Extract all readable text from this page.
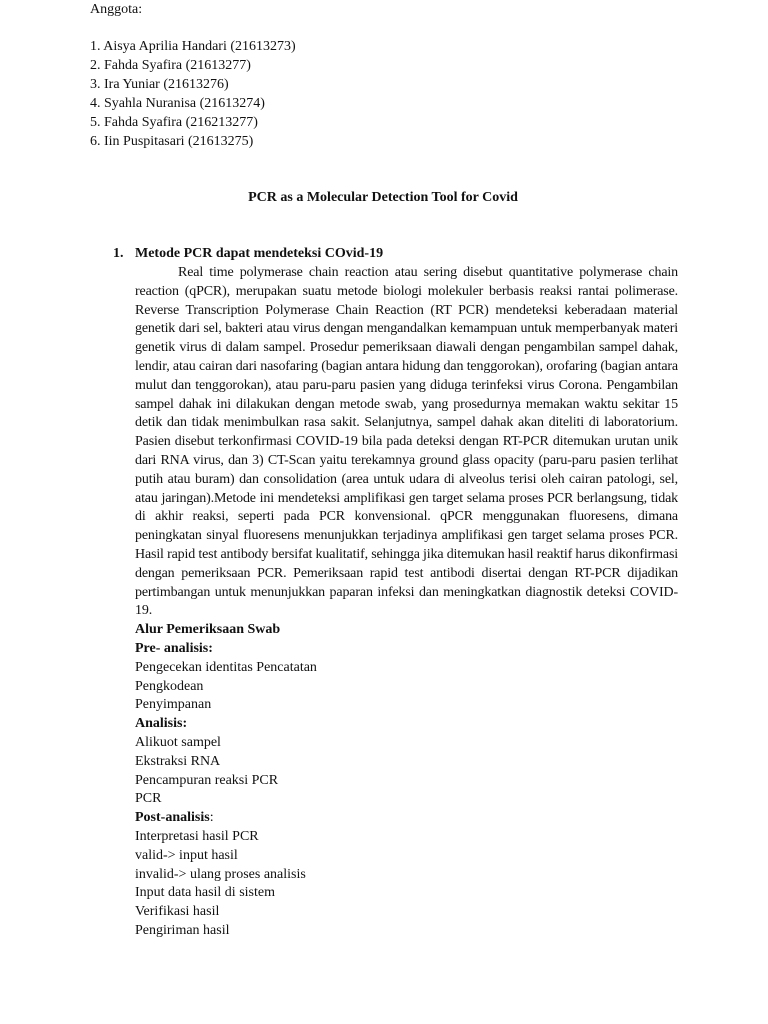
Anggota:
1. Aisya Aprilia Handari (21613273)
2. Fahda Syafira (21613277)
3. Ira Yuniar (21613276)
4. Syahla Nuranisa (21613274)
5. Fahda Syafira (216213277)
6. Iin Puspitasari (21613275)
PCR as a Molecular Detection Tool for Covid
1. Metode PCR dapat mendeteksi COvid-19

Real time polymerase chain reaction atau sering disebut quantitative polymerase chain reaction (qPCR), merupakan suatu metode biologi molekuler berbasis reaksi rantai polimerase. Reverse Transcription Polymerase Chain Reaction (RT PCR) mendeteksi keberadaan material genetik dari sel, bakteri atau virus dengan mengandalkan kemampuan untuk memperbanyak materi genetik virus di dalam sampel. Prosedur pemeriksaan diawali dengan pengambilan sampel dahak, lendir, atau cairan dari nasofaring (bagian antara hidung dan tenggorokan), orofaring (bagian antara mulut dan tenggorokan), atau paru-paru pasien yang diduga terinfeksi virus Corona. Pengambilan sampel dahak ini dilakukan dengan metode swab, yang prosedurnya memakan waktu sekitar 15 detik dan tidak menimbulkan rasa sakit. Selanjutnya, sampel dahak akan diteliti di laboratorium. Pasien disebut terkonfirmasi COVID-19 bila pada deteksi dengan RT-PCR ditemukan urutan unik dari RNA virus, dan 3) CT-Scan yaitu terekamnya ground glass opacity (paru-paru pasien terlihat putih atau buram) dan consolidation (area untuk udara di alveolus terisi oleh cairan patologi, sel, atau jaringan).Metode ini mendeteksi amplifikasi gen target selama proses PCR berlangsung, tidak di akhir reaksi, seperti pada PCR konvensional. qPCR menggunakan fluoresens, dimana peningkatan sinyal fluoresens menunjukkan terjadinya amplifikasi gen target selama proses PCR. Hasil rapid test antibody bersifat kualitatif, sehingga jika ditemukan hasil reaktif harus dikonfirmasi dengan pemeriksaan PCR. Pemeriksaan rapid test antibodi disertai dengan RT-PCR dijadikan pertimbangan untuk menunjukkan paparan infeksi dan meningkatkan diagnostik deteksi COVID-19.

Alur Pemeriksaan Swab
Pre- analisis:
Pengecekan identitas Pencatatan
Pengkodean
Penyimpanan
Analisis:
Alikuot sampel
Ekstraksi RNA
Pencampuran reaksi PCR
PCR
Post-analisis:
Interpretasi hasil PCR
valid-> input hasil
invalid-> ulang proses analisis
Input data hasil di sistem
Verifikasi hasil
Pengiriman hasil
